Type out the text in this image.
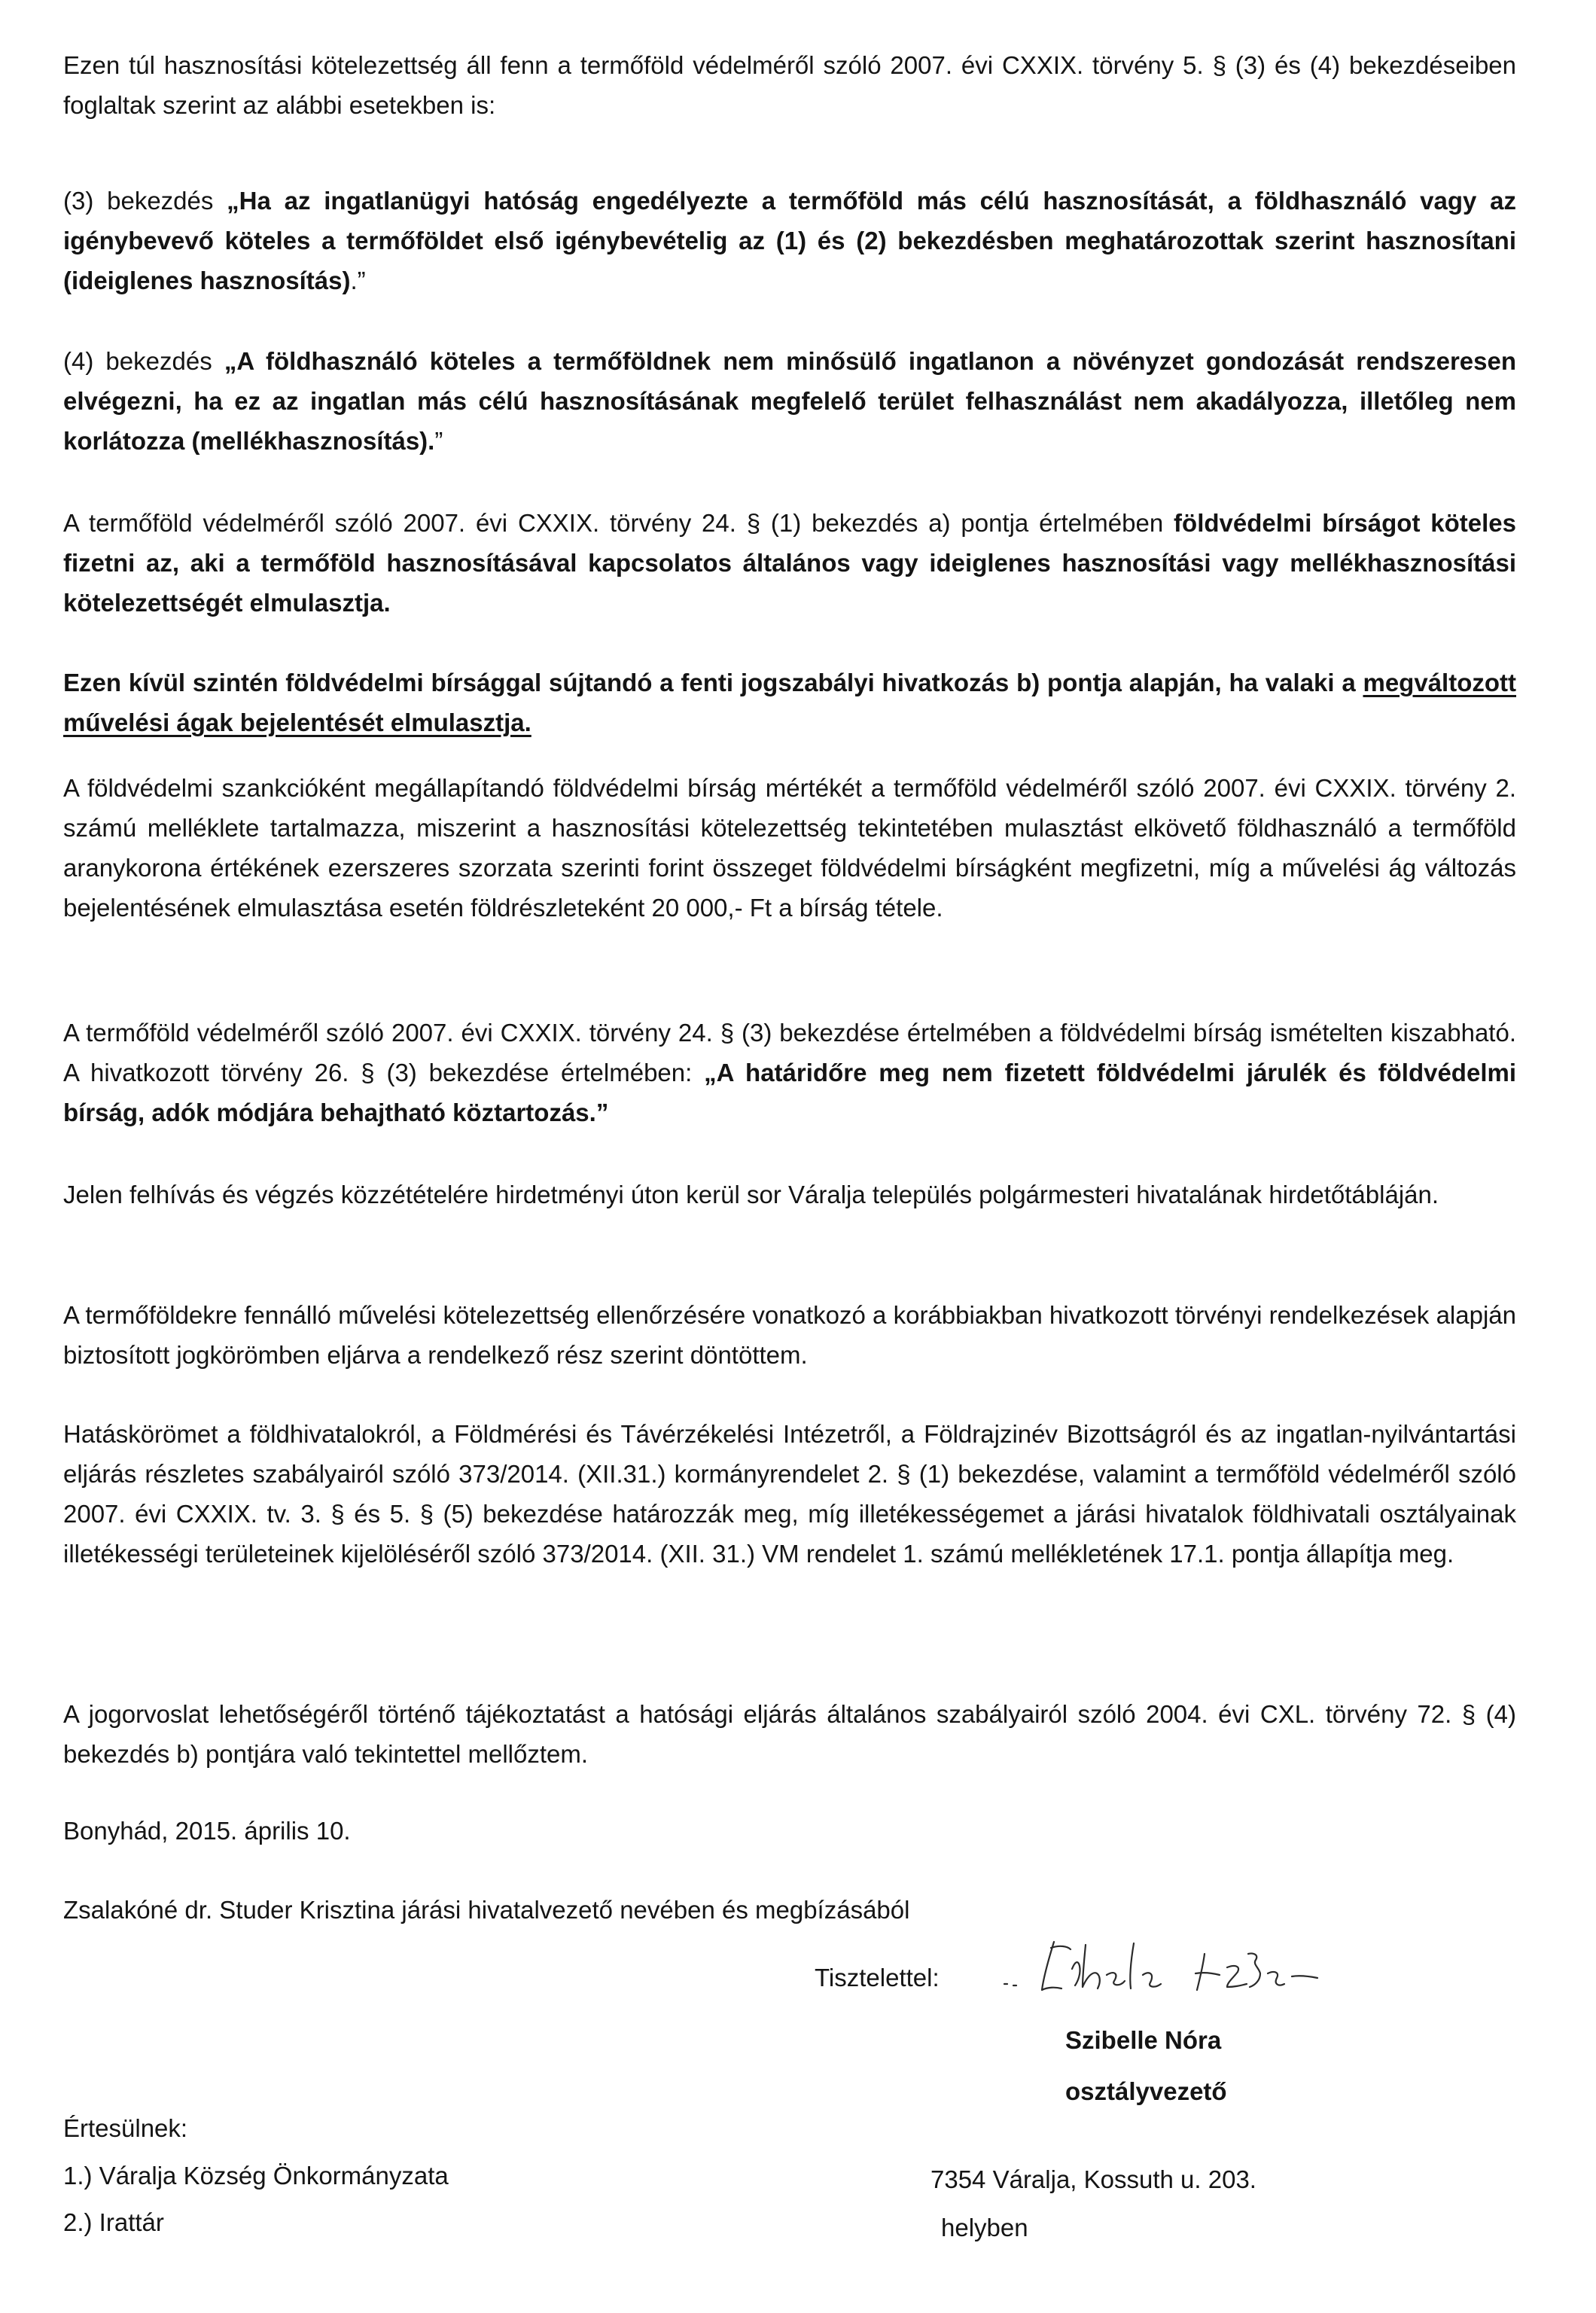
Ezen túl hasznosítási kötelezettség áll fenn a termőföld védelméről szóló 2007. évi CXXIX. törvény 5. § (3) és (4) bekezdéseiben foglaltak szerint az alábbi esetekben is:

(3) bekezdés „Ha az ingatlanügyi hatóság engedélyezte a termőföld más célú hasznosítását, a földhasználó vagy az igénybevevő köteles a termőföldet első igénybevételig az (1) és (2) bekezdésben meghatározottak szerint hasznosítani (ideiglenes hasznosítás).”

(4) bekezdés „A földhasználó köteles a termőföldnek nem minősülő ingatlanon a növényzet gondozását rendszeresen elvégezni, ha ez az ingatlan más célú hasznosításának megfelelő terület felhasználást nem akadályozza, illetőleg nem korlátozza (mellékhasznosítás).”

A termőföld védelméről szóló 2007. évi CXXIX. törvény 24. § (1) bekezdés a) pontja értelmében földvédelmi bírságot köteles fizetni az, aki a termőföld hasznosításával kapcsolatos általános vagy ideiglenes hasznosítási vagy mellékhasznosítási kötelezettségét elmulasztja.

Ezen kívül szintén földvédelmi bírsággal sújtandó a fenti jogszabályi hivatkozás b) pontja alapján, ha valaki a megváltozott művelési ágak bejelentését elmulasztja.

A földvédelmi szankcióként megállapítandó földvédelmi bírság mértékét a termőföld védelméről szóló 2007. évi CXXIX. törvény 2. számú melléklete tartalmazza, miszerint a hasznosítási kötelezettség tekintetében mulasztást elkövető földhasználó a termőföld aranykorona értékének ezerszeres szorzata szerinti forint összeget földvédelmi bírságként megfizetni, míg a művelési ág változás bejelentésének elmulasztása esetén földrészleteként 20 000,- Ft a bírság tétele.

A termőföld védelméről szóló 2007. évi CXXIX. törvény 24. § (3) bekezdése értelmében a földvédelmi bírság ismételten kiszabható. A hivatkozott törvény 26. § (3) bekezdése értelmében: „A határidőre meg nem fizetett földvédelmi járulék és földvédelmi bírság, adók módjára behajtható köztartozás.”

Jelen felhívás és végzés közzétételére hirdetményi úton kerül sor Váralja település polgármesteri hivatalának hirdetőtábláján.

A termőföldekre fennálló művelési kötelezettség ellenőrzésére vonatkozó a korábbiakban hivatkozott törvényi rendelkezések alapján biztosított jogkörömben eljárva a rendelkező rész szerint döntöttem.

Hatáskörömet a földhivatalokról, a Földmérési és Távérzékelési Intézetről, a Földrajzinév Bizottságról és az ingatlan-nyilvántartási eljárás részletes szabályairól szóló 373/2014. (XII.31.) kormányrendelet 2. § (1) bekezdése, valamint a termőföld védelméről szóló 2007. évi CXXIX. tv. 3. § és 5. § (5) bekezdése határozzák meg, míg illetékességemet a járási hivatalok földhivatali osztályainak illetékességi területeinek kijelöléséről szóló 373/2014. (XII. 31.) VM rendelet 1. számú mellékletének 17.1. pontja állapítja meg.

A jogorvoslat lehetőségéről történő tájékoztatást a hatósági eljárás általános szabályairól szóló 2004. évi CXL. törvény 72. § (4) bekezdés b) pontjára való tekintettel mellőztem.

Bonyhád, 2015. április 10.

Zsalakóné dr. Studer Krisztina járási hivatalvezető nevében és megbízásából

Tisztelettel:

Szibelle Nóra

osztályvezető

Értesülnek:

1.) Váralja Község Önkormányzata	7354 Váralja, Kossuth u. 203.

2.) Irattár	helyben
